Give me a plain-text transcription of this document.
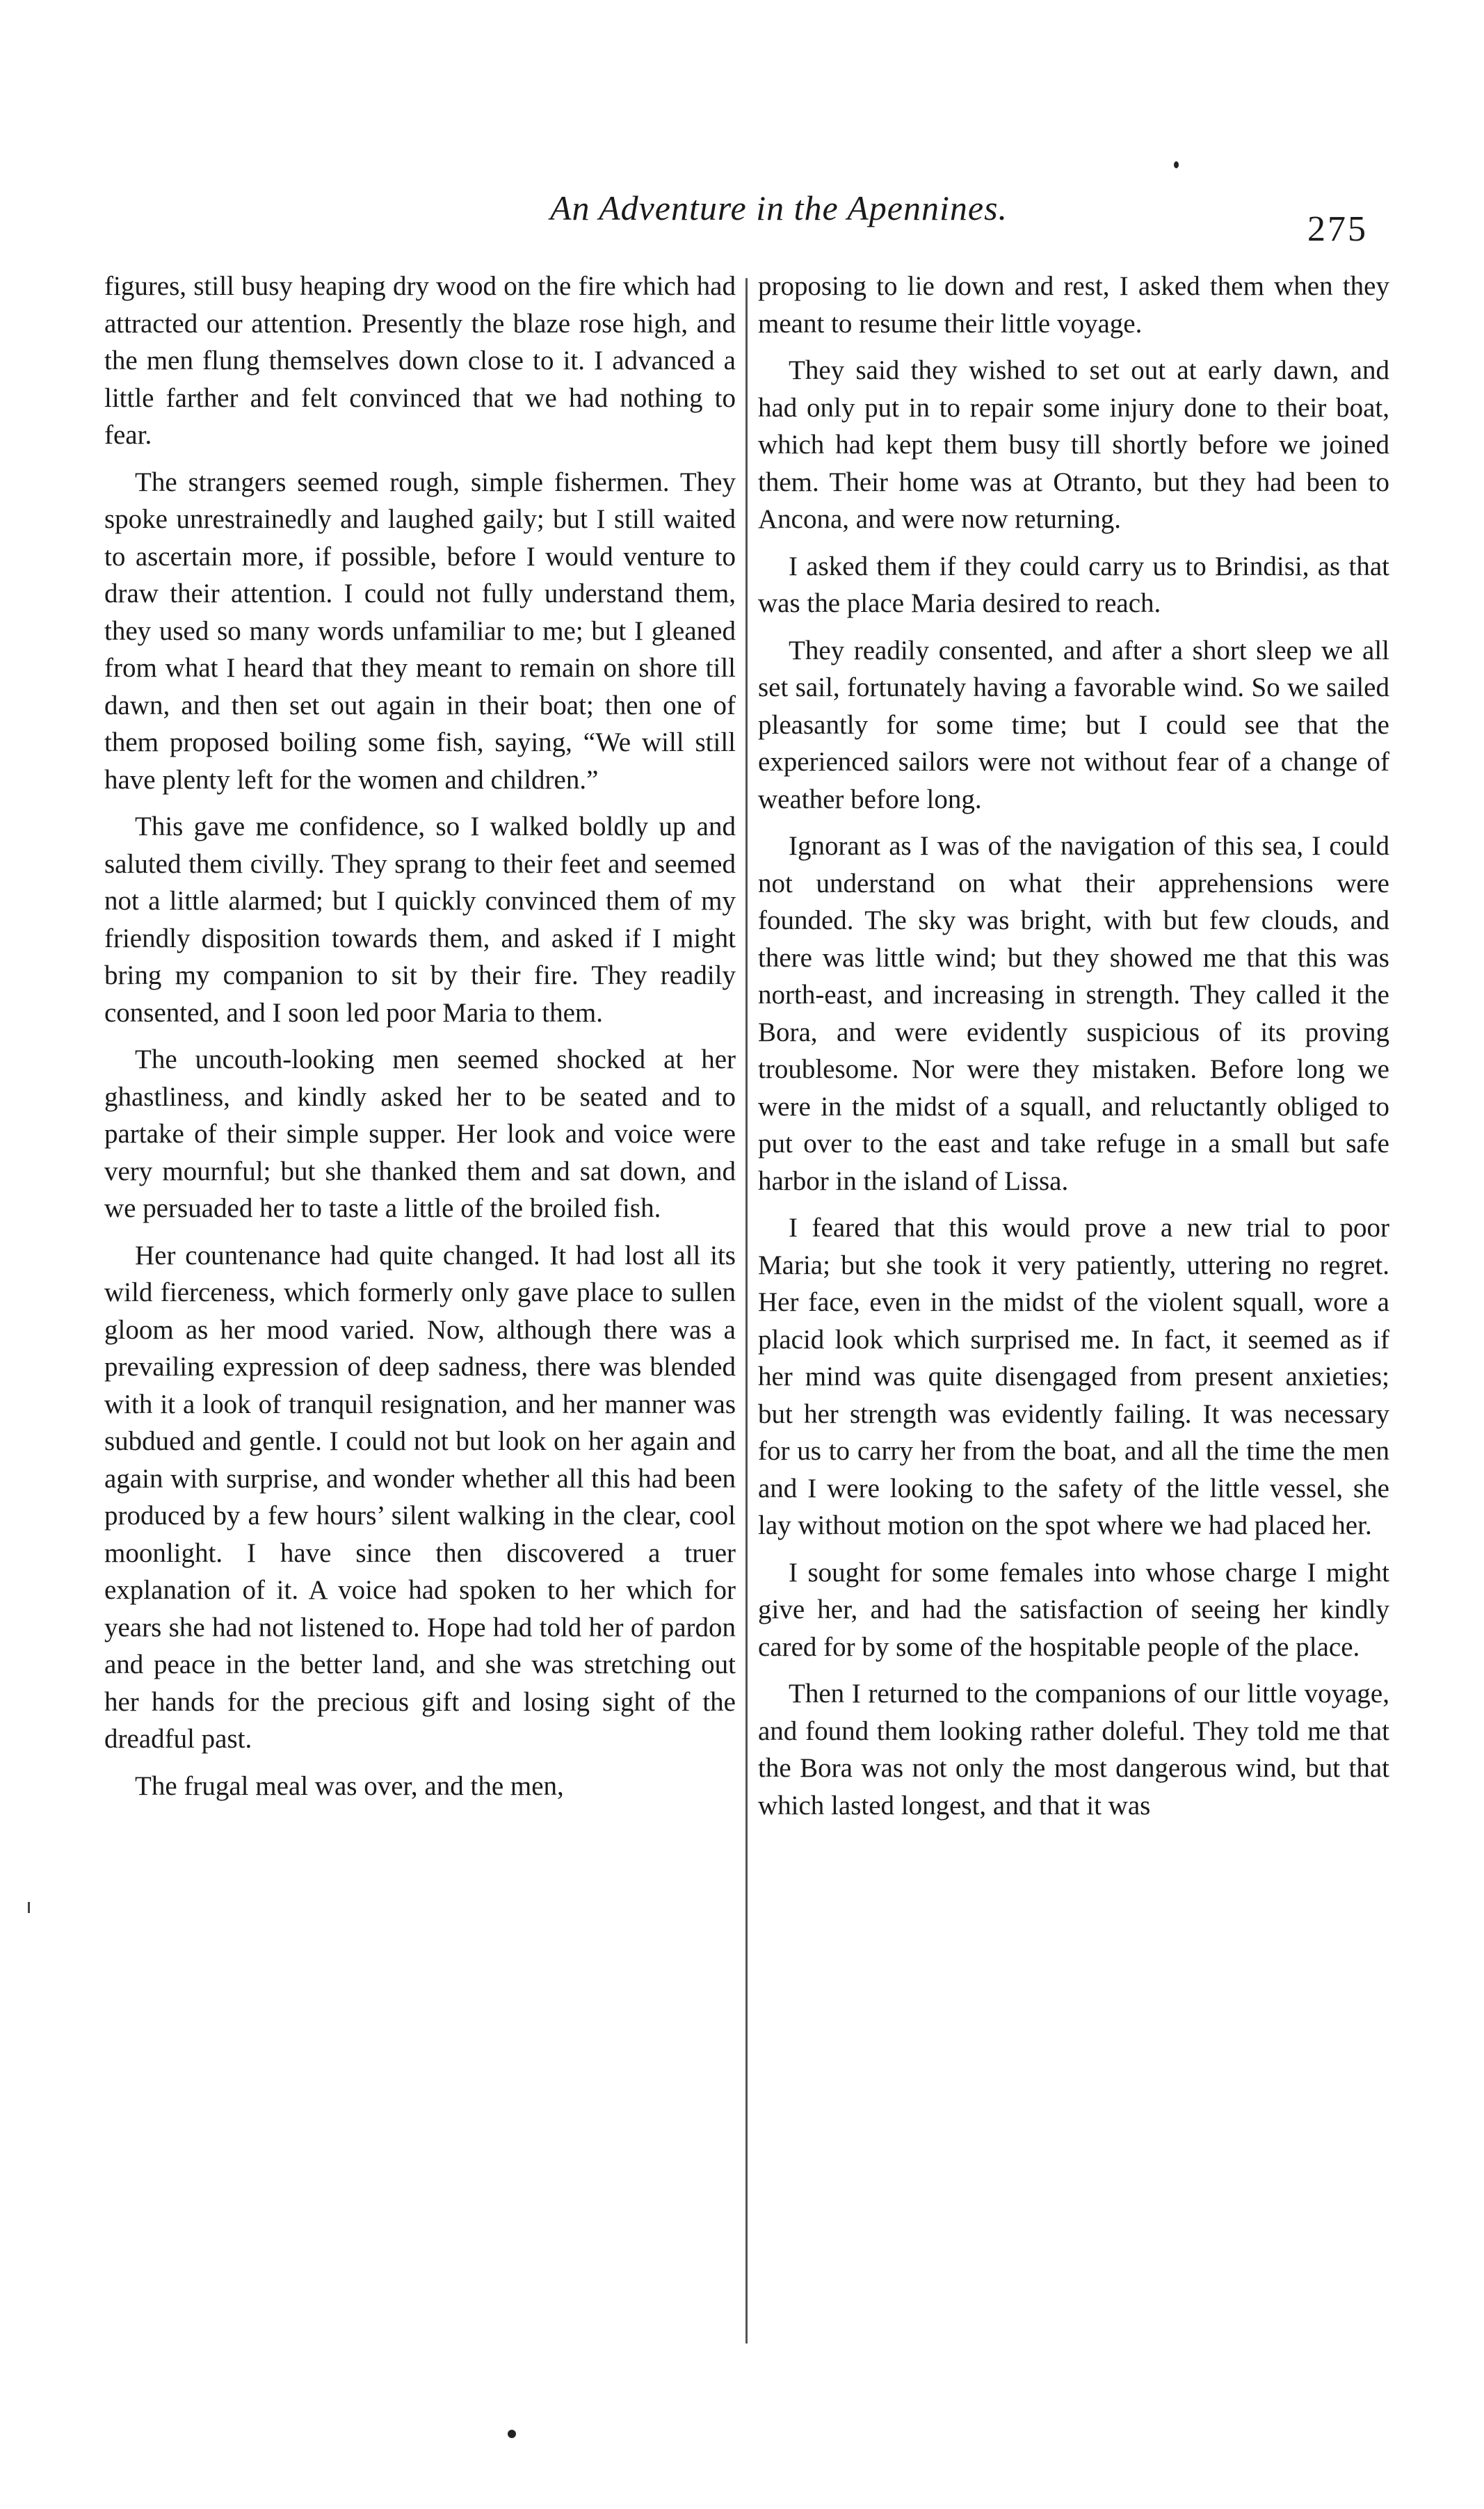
An Adventure in the Apennines.
275

figures, still busy heaping dry wood on the fire which had attracted our attention. Presently the blaze rose high, and the men flung themselves down close to it. I advanced a little farther and felt convinced that we had nothing to fear.

The strangers seemed rough, simple fishermen. They spoke unrestrainedly and laughed gaily; but I still waited to ascertain more, if possible, before I would venture to draw their attention. I could not fully understand them, they used so many words unfamiliar to me; but I gleaned from what I heard that they meant to remain on shore till dawn, and then set out again in their boat; then one of them proposed boiling some fish, saying, “We will still have plenty left for the women and children.”

This gave me confidence, so I walked boldly up and saluted them civilly. They sprang to their feet and seemed not a little alarmed; but I quickly convinced them of my friendly disposition towards them, and asked if I might bring my companion to sit by their fire. They readily consented, and I soon led poor Maria to them.

The uncouth-looking men seemed shocked at her ghastliness, and kindly asked her to be seated and to partake of their simple supper. Her look and voice were very mournful; but she thanked them and sat down, and we persuaded her to taste a little of the broiled fish.

Her countenance had quite changed. It had lost all its wild fierceness, which formerly only gave place to sullen gloom as her mood varied. Now, although there was a prevailing expression of deep sadness, there was blended with it a look of tranquil resignation, and her manner was subdued and gentle. I could not but look on her again and again with surprise, and wonder whether all this had been produced by a few hours’ silent walking in the clear, cool moonlight. I have since then discovered a truer explanation of it. A voice had spoken to her which for years she had not listened to. Hope had told her of pardon and peace in the better land, and she was stretching out her hands for the precious gift and losing sight of the dreadful past.

The frugal meal was over, and the men,

proposing to lie down and rest, I asked them when they meant to resume their little voyage.

They said they wished to set out at early dawn, and had only put in to repair some injury done to their boat, which had kept them busy till shortly before we joined them. Their home was at Otranto, but they had been to Ancona, and were now returning.

I asked them if they could carry us to Brindisi, as that was the place Maria desired to reach.

They readily consented, and after a short sleep we all set sail, fortunately having a favorable wind. So we sailed pleasantly for some time; but I could see that the experienced sailors were not without fear of a change of weather before long.

Ignorant as I was of the navigation of this sea, I could not understand on what their apprehensions were founded. The sky was bright, with but few clouds, and there was little wind; but they showed me that this was north-east, and increasing in strength. They called it the Bora, and were evidently suspicious of its proving troublesome. Nor were they mistaken. Before long we were in the midst of a squall, and reluctantly obliged to put over to the east and take refuge in a small but safe harbor in the island of Lissa.

I feared that this would prove a new trial to poor Maria; but she took it very patiently, uttering no regret. Her face, even in the midst of the violent squall, wore a placid look which surprised me. In fact, it seemed as if her mind was quite disengaged from present anxieties; but her strength was evidently failing. It was necessary for us to carry her from the boat, and all the time the men and I were looking to the safety of the little vessel, she lay without motion on the spot where we had placed her.

I sought for some females into whose charge I might give her, and had the satisfaction of seeing her kindly cared for by some of the hospitable people of the place.

Then I returned to the companions of our little voyage, and found them looking rather doleful. They told me that the Bora was not only the most dangerous wind, but that which lasted longest, and that it was
